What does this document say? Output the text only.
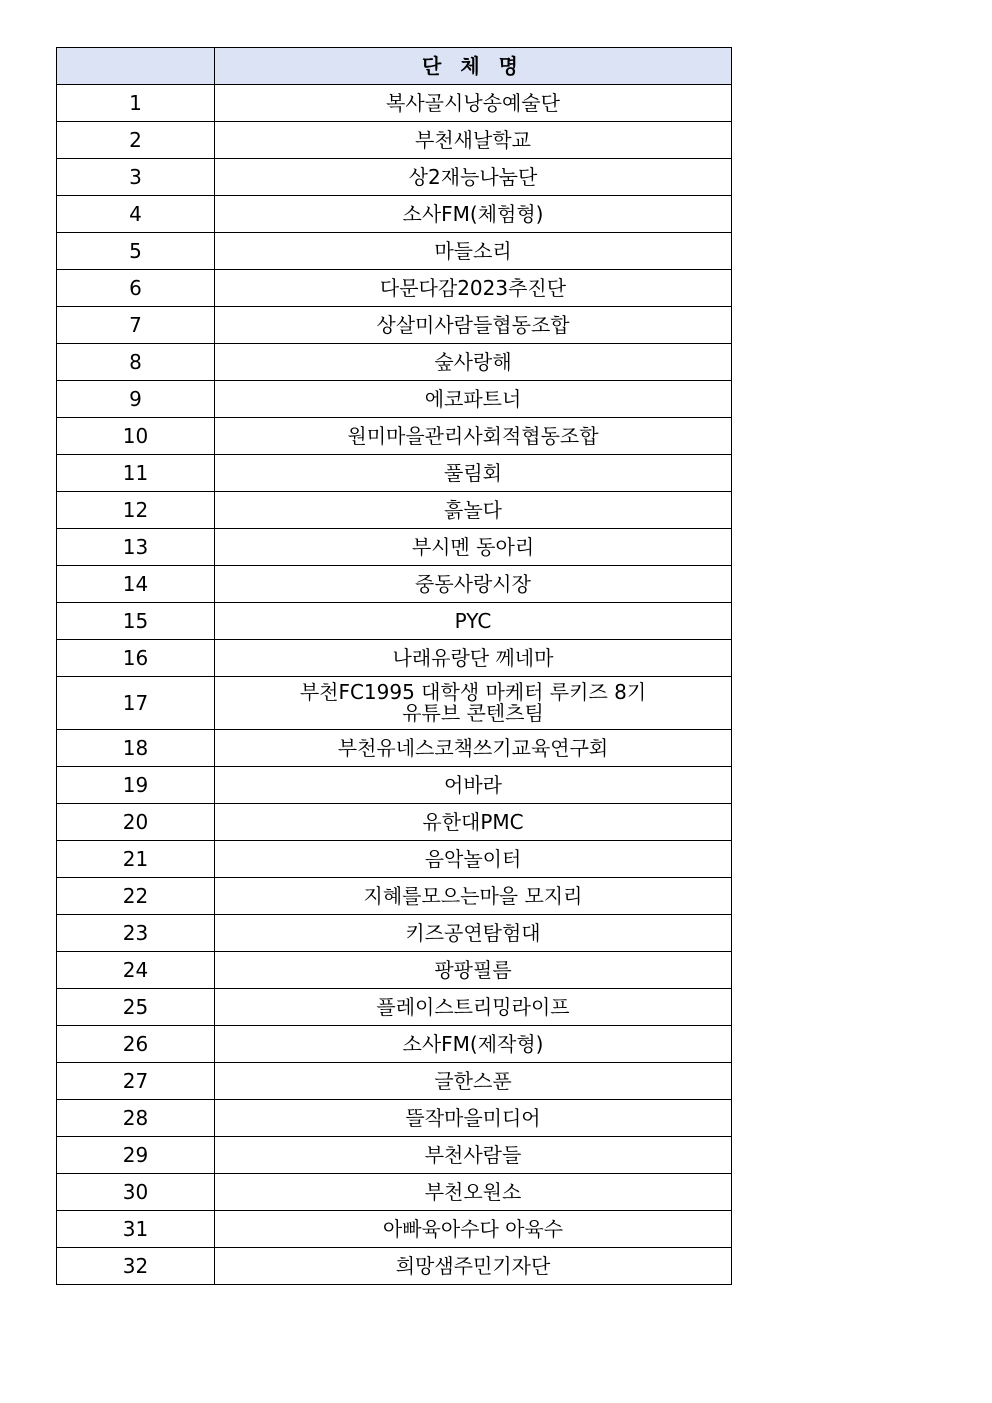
	단 체 명
1	복사골시낭송예술단
2	부천새날학교
3	상2재능나눔단
4	소사FM(체험형)
5	마들소리
6	다문다감2023추진단
7	상살미사람들협동조합
8	숲사랑해
9	에코파트너
10	원미마을관리사회적협동조합
11	풀림회
12	흙놀다
13	부시멘 동아리
14	중동사랑시장
15	PYC
16	나래유랑단 께네마
17	부천FC1995 대학생 마케터 루키즈 8기
유튜브 콘텐츠팀

18	부천유네스코책쓰기교육연구회
19	어바라
20	유한대PMC
21	음악놀이터
22	지혜를모으는마을 모지리
23	키즈공연탐험대
24	팡팡필름
25	플레이스트리밍라이프
26	소사FM(제작형)
27	글한스푼
28	뜰작마을미디어
29	부천사람들
30	부천오원소
31	아빠육아수다 아육수
32	희망샘주민기자단
